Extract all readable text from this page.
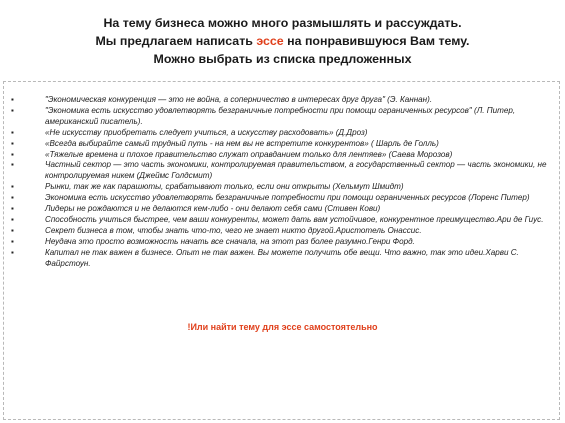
На тему бизнеса можно много размышлять и рассуждать.
Мы предлагаем написать эссе на понравившуюся Вам тему.
Можно выбрать из списка предложенных
▪	"Экономическая конкуренция — это не война, а соперничество в интересах друг друга" (Э. Каннан).
▪	"Экономика есть искусство удовлетворять безграничные потребности при помощи ограниченных ресурсов" (Л. Питер, американский писатель).
▪	«Не искусству приобретать следует учиться, а искусству расходовать» (Д.Дроз)
▪	«Всегда выбирайте самый трудный путь - на нем вы не встретите конкурентов» ( Шарль де Голль)
▪	«Тяжелые времена и плохое правительство служат оправданием только для лентяев» (Саева Морозов)
▪	Частный сектор — это часть экономики, контролируемая правительством, а государственный сектор — часть экономики, не контролируемая никем (Джеймс Голдсмит)
▪	Рынки, так же как парашюты, срабатывают только, если они открыты (Хельмут Шмидт)
▪	Экономика есть искусство удовлетворять безграничные потребности при помощи ограниченных ресурсов (Лоренс Питер)
▪	Лидеры не рождаются и не делаются кем-либо - они делают себя сами (Стивен Кови)
▪	Способность учиться быстрее, чем ваши конкуренты, может дать вам устойчивое, конкурентное преимущество.Ари де Гиус.
▪	Секрет бизнеса в том, чтобы знать что-то, чего не знает никто другой.Аристотель Онассис.
▪	Неудача это просто возможность начать все сначала, на этот раз более разумно.Генри Форд.
▪	Капитал не так важен в бизнесе. Опыт не так важен. Вы можете получить обе вещи. Что важно, так это идеи.Харви С. Файрстоун.
!Или найти тему для эссе самостоятельно
